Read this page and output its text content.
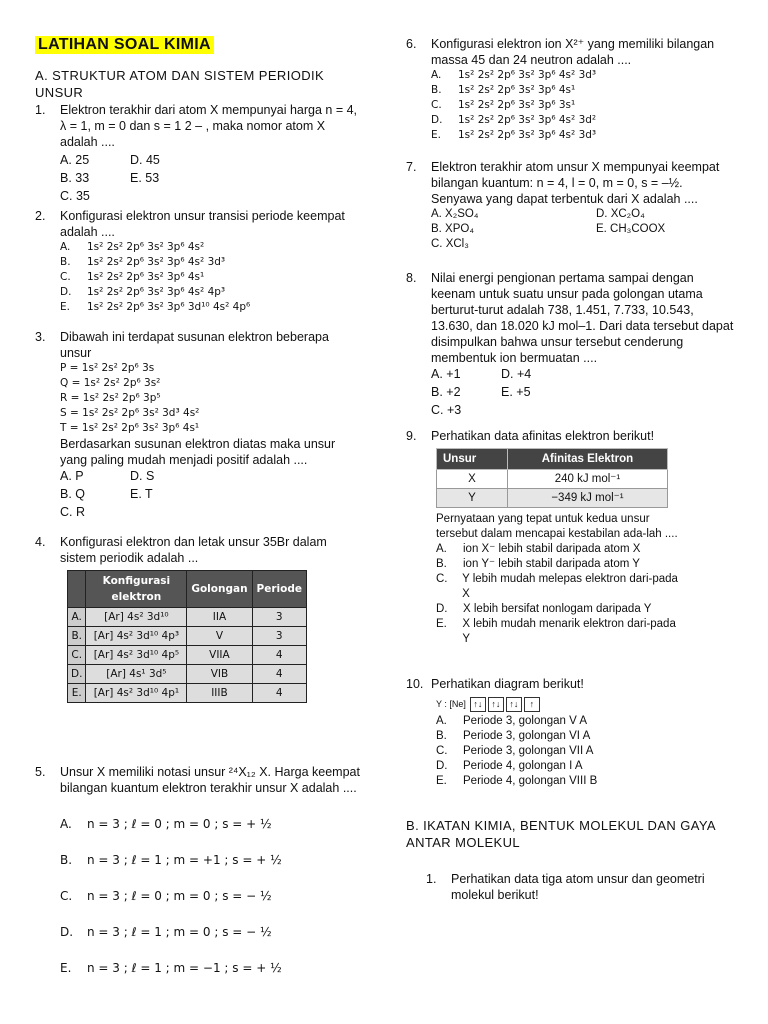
LATIHAN SOAL KIMIA
A. STRUKTUR ATOM DAN SISTEM PERIODIK UNSUR
1. Elektron terakhir dari atom X mempunyai harga n = 4, λ = 1, m = 0 dan s = 1 2 – , maka nomor atom X adalah ....
A. 25	D. 45
B. 33	E. 53
C. 35
2. Konfigurasi elektron unsur transisi periode keempat adalah ....
A.	1s² 2s² 2p⁶ 3s² 3p⁶ 4s²
B.	1s² 2s² 2p⁶ 3s² 3p⁶ 4s² 3d³
C.	1s² 2s² 2p⁶ 3s² 3p⁶ 4s¹
D.	1s² 2s² 2p⁶ 3s² 3p⁶ 4s² 4p³
E.	1s² 2s² 2p⁶ 3s² 3p⁶ 3d¹⁰ 4s² 4p⁶
3. Dibawah ini terdapat susunan elektron beberapa unsur
P = 1s² 2s² 2p⁶ 3s
Q = 1s² 2s² 2p⁶ 3s²
R = 1s² 2s² 2p⁶ 3p⁵
S = 1s² 2s² 2p⁶ 3s² 3d³ 4s²
T = 1s² 2s² 2p⁶ 3s² 3p⁶ 4s¹
Berdasarkan susunan elektron diatas maka unsur yang paling mudah menjadi positif adalah ....
A. P	D. S
B. Q	E. T
C. R
4. Konfigurasi elektron dan letak unsur 35Br dalam sistem periodik adalah ...
	Konfigurasi elektron	Golongan	Periode
A.	[Ar] 4s² 3d¹⁰	IIA	3
B.	[Ar] 4s² 3d¹⁰ 4p³	V	3
C.	[Ar] 4s² 3d¹⁰ 4p⁵	VIIA	4
D.	[Ar] 4s¹ 3d⁵	VIB	4
E.	[Ar] 4s² 3d¹⁰ 4p¹	IIIB	4
5. Unsur X memiliki notasi unsur ²⁴X₁₂ X. Harga keempat bilangan kuantum elektron terakhir unsur X adalah ....
A.	n = 3 ; ℓ = 0 ; m = 0 ; s = + ½
B.	n = 3 ; ℓ = 1 ; m = +1 ; s = + ½
C.	n = 3 ; ℓ = 0 ; m = 0 ; s = − ½
D.	n = 3 ; ℓ = 1 ; m = 0 ; s = − ½
E.	n = 3 ; ℓ = 1 ; m = −1 ; s = + ½
6. Konfigurasi elektron ion X²⁺ yang memiliki bilangan massa 45 dan 24 neutron adalah ....
A.	1s² 2s² 2p⁶ 3s² 3p⁶ 4s² 3d³
B.	1s² 2s² 2p⁶ 3s² 3p⁶ 4s¹
C.	1s² 2s² 2p⁶ 3s² 3p⁶ 3s¹
D.	1s² 2s² 2p⁶ 3s² 3p⁶ 4s² 3d²
E.	1s² 2s² 2p⁶ 3s² 3p⁶ 4s² 3d³
7. Elektron terakhir atom unsur X mempunyai keempat bilangan kuantum: n = 4, l = 0, m = 0, s = –½. Senyawa yang dapat terbentuk dari X adalah ....
A. X₂SO₄	D. XC₂O₄
B. XPO₄	E. CH₃COOX
C. XCl₃
8. Nilai energi pengionan pertama sampai dengan keenam untuk suatu unsur pada golongan utama berturut-turut adalah 738, 1.451, 7.733, 10.543, 13.630, dan 18.020 kJ mol–1. Dari data tersebut dapat disimpulkan bahwa unsur tersebut cenderung membentuk ion bermuatan ....
A. +1	D. +4
B. +2	E. +5
C. +3
9. Perhatikan data afinitas elektron berikut!
Unsur	Afinitas Elektron
X	240 kJ mol⁻¹
Y	−349 kJ mol⁻¹
Pernyataan yang tepat untuk kedua unsur tersebut dalam mencapai kestabilan ada-lah ....
A.	ion X⁻ lebih stabil daripada atom X
B.	ion Y⁻ lebih stabil daripada atom Y
C.	Y lebih mudah melepas elektron dari-pada X
D.	X lebih bersifat nonlogam daripada Y
E.	X lebih mudah menarik elektron dari-pada Y
10. Perhatikan diagram berikut!
Y : [Ne] ↑↓ ↑↓ ↑↓ ↑
A.	Periode 3, golongan V A
B.	Periode 3, golongan VI A
C.	Periode 3, golongan VII A
D.	Periode 4, golongan I A
E.	Periode 4, golongan VIII B
B. IKATAN KIMIA, BENTUK MOLEKUL DAN GAYA ANTAR MOLEKUL
1. Perhatikan data tiga atom unsur dan geometri molekul berikut!
